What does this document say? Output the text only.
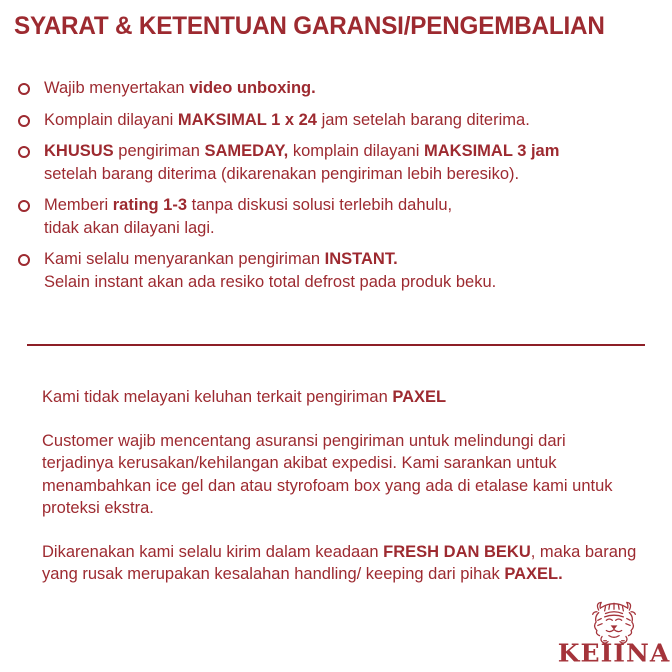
SYARAT & KETENTUAN GARANSI/PENGEMBALIAN
Wajib menyertakan video unboxing.
Komplain dilayani MAKSIMAL 1 x 24 jam setelah barang diterima.
KHUSUS pengiriman SAMEDAY, komplain dilayani MAKSIMAL 3 jam
setelah barang diterima (dikarenakan pengiriman lebih beresiko).
Memberi rating 1-3 tanpa diskusi solusi terlebih dahulu,
tidak akan dilayani lagi.
Kami selalu menyarankan pengiriman INSTANT.
Selain instant akan ada resiko total defrost pada produk beku.
Kami tidak melayani keluhan terkait pengiriman PAXEL
Customer wajib mencentang asuransi pengiriman untuk melindungi dari
terjadinya kerusakan/kehilangan akibat expedisi. Kami sarankan untuk
menambahkan ice gel dan atau styrofoam box yang ada di etalase kami untuk
proteksi ekstra.
Dikarenakan kami selalu kirim dalam keadaan FRESH DAN BEKU, maka barang
yang rusak merupakan kesalahan handling/ keeping dari pihak PAXEL.
KEIINA
